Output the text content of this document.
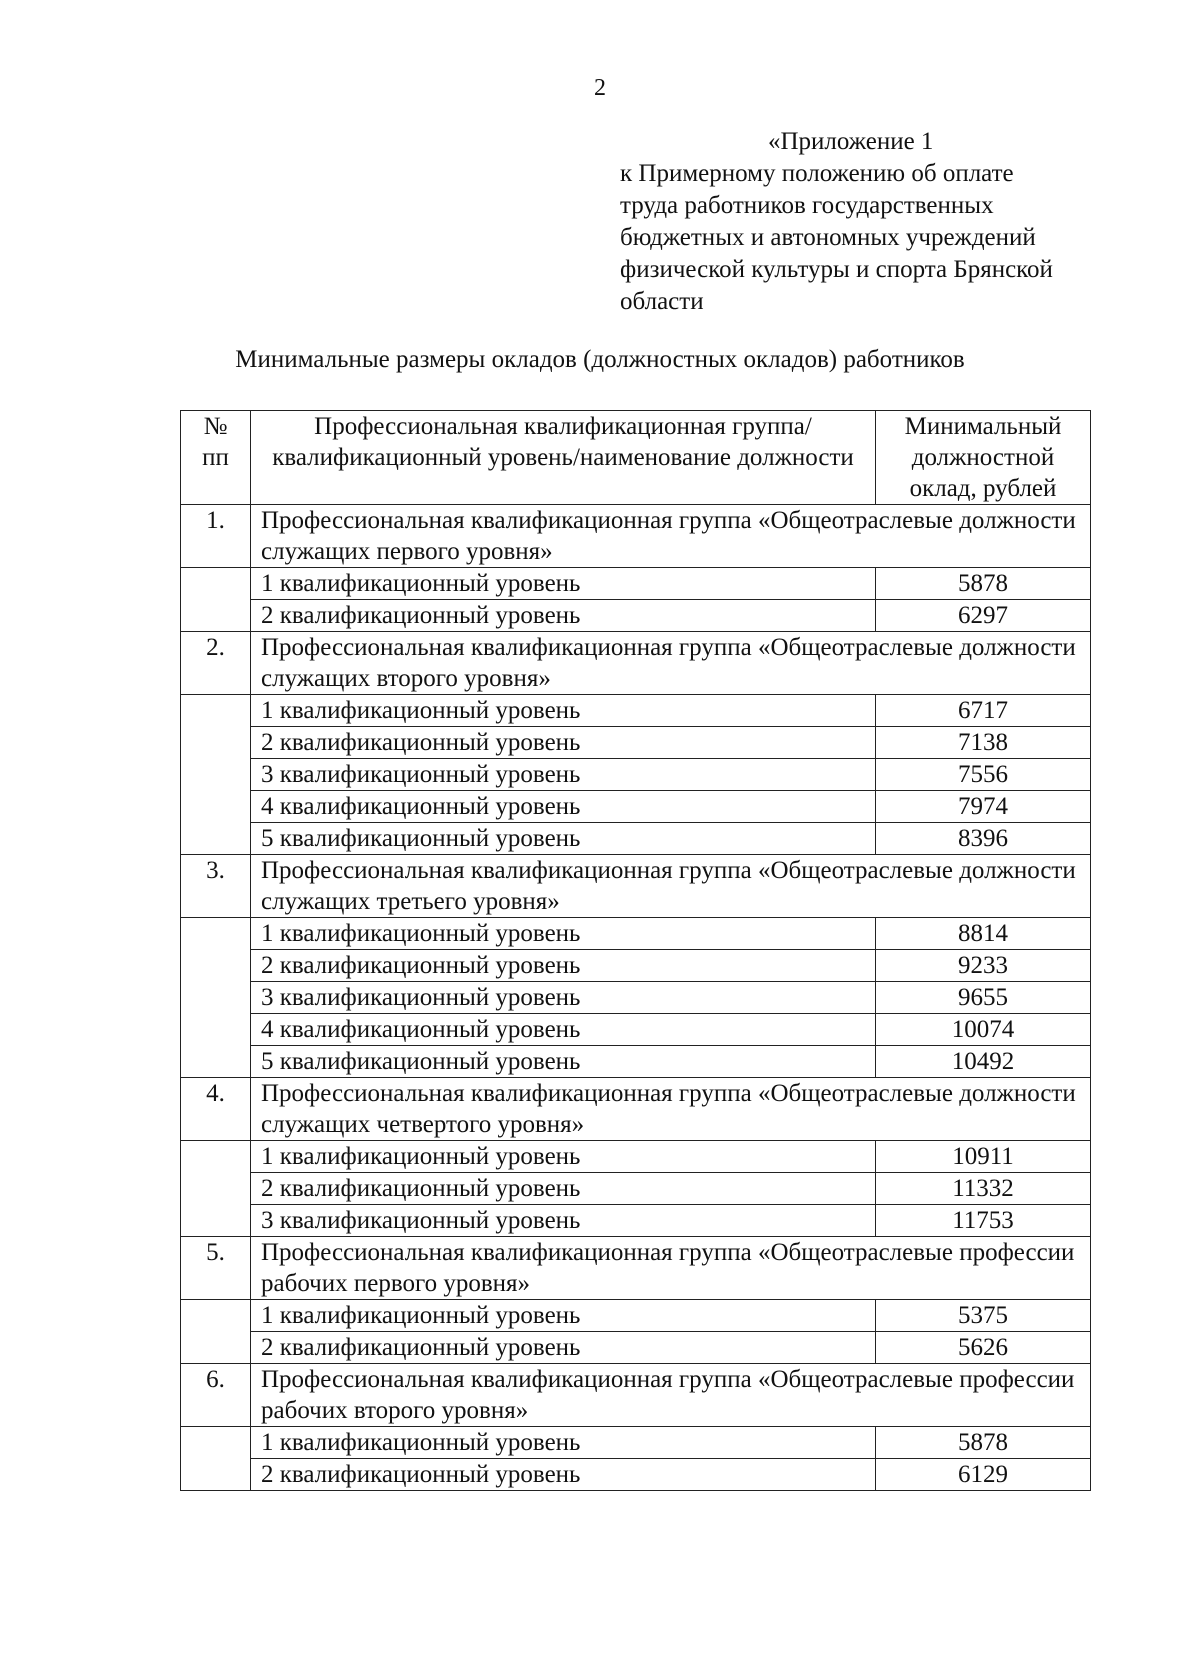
2
«Приложение 1
к Примерному положению об оплате
труда работников государственных
бюджетных и автономных учреждений
физической культуры и спорта Брянской
области
Минимальные размеры окладов (должностных окладов) работников
№ пп	Профессиональная квалификационная группа/квалификационный уровень/наименование должности	Минимальный должностной оклад, рублей
1.	Профессиональная квалификационная группа «Общеотраслевые должности служащих первого уровня»	
	1 квалификационный уровень	5878
	2 квалификационный уровень	6297
2.	Профессиональная квалификационная группа «Общеотраслевые должности служащих второго уровня»	
	1 квалификационный уровень	6717
	2 квалификационный уровень	7138
	3 квалификационный уровень	7556
	4 квалификационный уровень	7974
	5 квалификационный уровень	8396
3.	Профессиональная квалификационная группа «Общеотраслевые должности служащих третьего уровня»	
	1 квалификационный уровень	8814
	2 квалификационный уровень	9233
	3 квалификационный уровень	9655
	4 квалификационный уровень	10074
	5 квалификационный уровень	10492
4.	Профессиональная квалификационная группа «Общеотраслевые должности служащих четвертого уровня»	
	1 квалификационный уровень	10911
	2 квалификационный уровень	11332
	3 квалификационный уровень	11753
5.	Профессиональная квалификационная группа «Общеотраслевые профессии рабочих первого уровня»	
	1 квалификационный уровень	5375
	2 квалификационный уровень	5626
6.	Профессиональная квалификационная группа «Общеотраслевые профессии рабочих второго уровня»	
	1 квалификационный уровень	5878
	2 квалификационный уровень	6129
